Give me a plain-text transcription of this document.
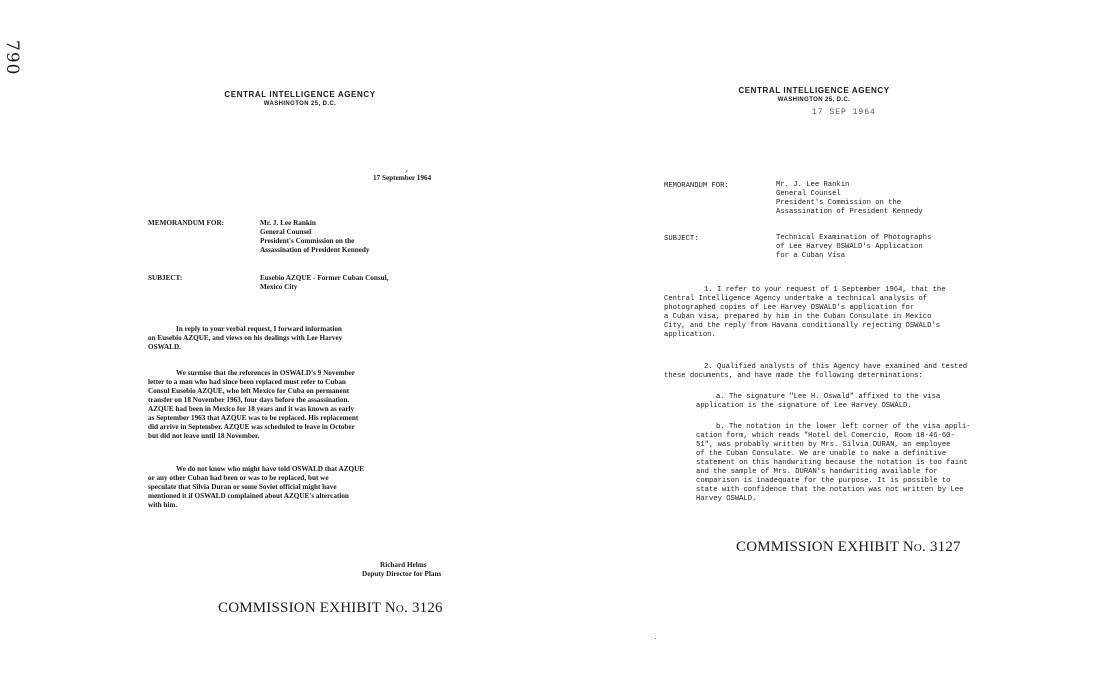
790
CENTRAL INTELLIGENCE AGENCY
WASHINGTON 25, D.C.
17 September 1964
MEMORANDUM FOR:	Mr. J. Lee Rankin
General Counsel
President's Commission on the
Assassination of President Kennedy
SUBJECT:	Eusebio AZQUE - Former Cuban Consul,
Mexico City
In reply to your verbal request, I forward information
on Eusebio AZQUE, and views on his dealings with Lee Harvey
OSWALD.
We surmise that the references in OSWALD's 9 November
letter to a man who had since been replaced must refer to Cuban
Consul Eusebio AZQUE, who left Mexico for Cuba on permanent
transfer on 18 November 1963, four days before the assassination.
AZQUE had been in Mexico for 18 years and it was known as early
as September 1963 that AZQUE was to be replaced. His replacement
did arrive in September. AZQUE was scheduled to leave in October
but did not leave until 18 November.
We do not know who might have told OSWALD that AZQUE
or any other Cuban had been or was to be replaced, but we
speculate that Silvia Duran or some Soviet official might have
mentioned it if OSWALD complained about AZQUE's altercation
with him.
Richard Helms
Deputy Director for Plans
COMMISSION EXHIBIT No. 3126
CENTRAL INTELLIGENCE AGENCY
WASHINGTON 25, D.C.
17 SEP 1964
MEMORANDUM FOR:	Mr. J. Lee Rankin
General Counsel
President's Commission on the
Assassination of President Kennedy
SUBJECT:	Technical Examination of Photographs
of Lee Harvey OSWALD's Application
for a Cuban Visa
1. I refer to your request of 1 September 1964, that the
Central Intelligence Agency undertake a technical analysis of
photographed copies of Lee Harvey OSWALD's application for
a Cuban visa, prepared by him in the Cuban Consulate in Mexico
City, and the reply from Havana conditionally rejecting OSWALD's
application.
2. Qualified analysts of this Agency have examined and tested
these documents, and have made the following determinations:
a. The signature "Lee H. Oswald" affixed to the visa
application is the signature of Lee Harvey OSWALD.
b. The notation in the lower left corner of the visa appli-
cation form, which reads "Hotel del Comercio, Room 18-46-60-
51", was probably written by Mrs. Silvia DURAN, an employee
of the Cuban Consulate. We are unable to make a definitive
statement on this handwriting because the notation is too faint
and the sample of Mrs. DURAN's handwriting available for
comparison is inadequate for the purpose. It is possible to
state with confidence that the notation was not written by Lee
Harvey OSWALD.
COMMISSION EXHIBIT No. 3127
